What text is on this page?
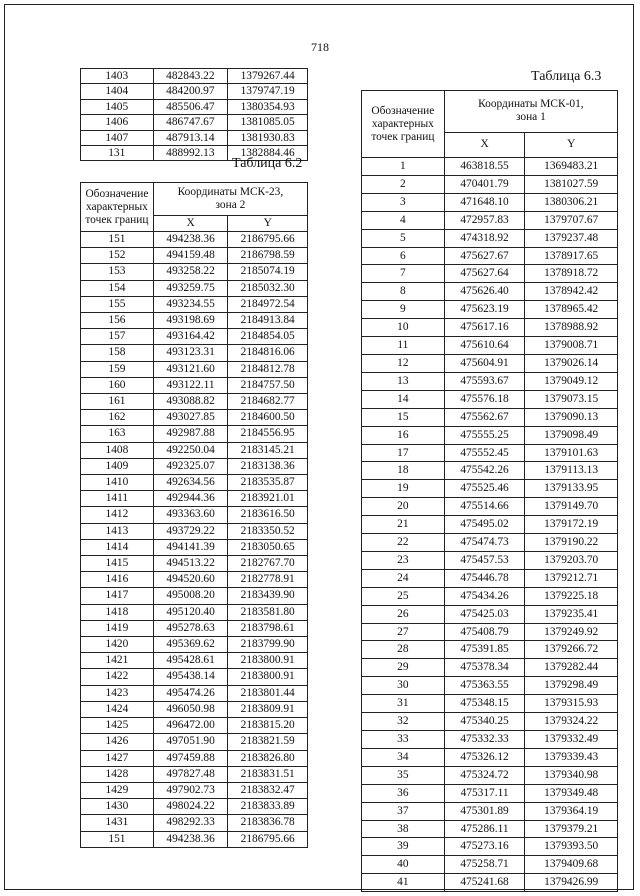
718
1403	482843.22	1379267.44
1404	484200.97	1379747.19
1405	485506.47	1380354.93
1406	486747.67	1381085.05
1407	487913.14	1381930.83
131	488992.13	1382884.46
Таблица 6.2
Обозначение характерных точек границ	Координаты МСК-23, зона 2	
	X	Y
151	494238.36	2186795.66
152	494159.48	2186798.59
153	493258.22	2185074.19
154	493259.75	2185032.30
155	493234.55	2184972.54
156	493198.69	2184913.84
157	493164.42	2184854.05
158	493123.31	2184816.06
159	493121.60	2184812.78
160	493122.11	2184757.50
161	493088.82	2184682.77
162	493027.85	2184600.50
163	492987.88	2184556.95
1408	492250.04	2183145.21
1409	492325.07	2183138.36
1410	492634.56	2183535.87
1411	492944.36	2183921.01
1412	493363.60	2183616.50
1413	493729.22	2183350.52
1414	494141.39	2183050.65
1415	494513.22	2182767.70
1416	494520.60	2182778.91
1417	495008.20	2183439.90
1418	495120.40	2183581.80
1419	495278.63	2183798.61
1420	495369.62	2183799.90
1421	495428.61	2183800.91
1422	495438.14	2183800.91
1423	495474.26	2183801.44
1424	496050.98	2183809.91
1425	496472.00	2183815.20
1426	497051.90	2183821.59
1427	497459.88	2183826.80
1428	497827.48	2183831.51
1429	497902.73	2183832.47
1430	498024.22	2183833.89
1431	498292.33	2183836.78
151	494238.36	2186795.66
Таблица 6.3
Обозначение характерных точек границ	Координаты МСК-01, зона 1	
	X	Y
1	463818.55	1369483.21
2	470401.79	1381027.59
3	471648.10	1380306.21
4	472957.83	1379707.67
5	474318.92	1379237.48
6	475627.67	1378917.65
7	475627.64	1378918.72
8	475626.40	1378942.42
9	475623.19	1378965.42
10	475617.16	1378988.92
11	475610.64	1379008.71
12	475604.91	1379026.14
13	475593.67	1379049.12
14	475576.18	1379073.15
15	475562.67	1379090.13
16	475555.25	1379098.49
17	475552.45	1379101.63
18	475542.26	1379113.13
19	475525.46	1379133.95
20	475514.66	1379149.70
21	475495.02	1379172.19
22	475474.73	1379190.22
23	475457.53	1379203.70
24	475446.78	1379212.71
25	475434.26	1379225.18
26	475425.03	1379235.41
27	475408.79	1379249.92
28	475391.85	1379266.72
29	475378.34	1379282.44
30	475363.55	1379298.49
31	475348.15	1379315.93
32	475340.25	1379324.22
33	475332.33	1379332.49
34	475326.12	1379339.43
35	475324.72	1379340.98
36	475317.11	1379349.48
37	475301.89	1379364.19
38	475286.11	1379379.21
39	475273.16	1379393.50
40	475258.71	1379409.68
41	475241.68	1379426.99
